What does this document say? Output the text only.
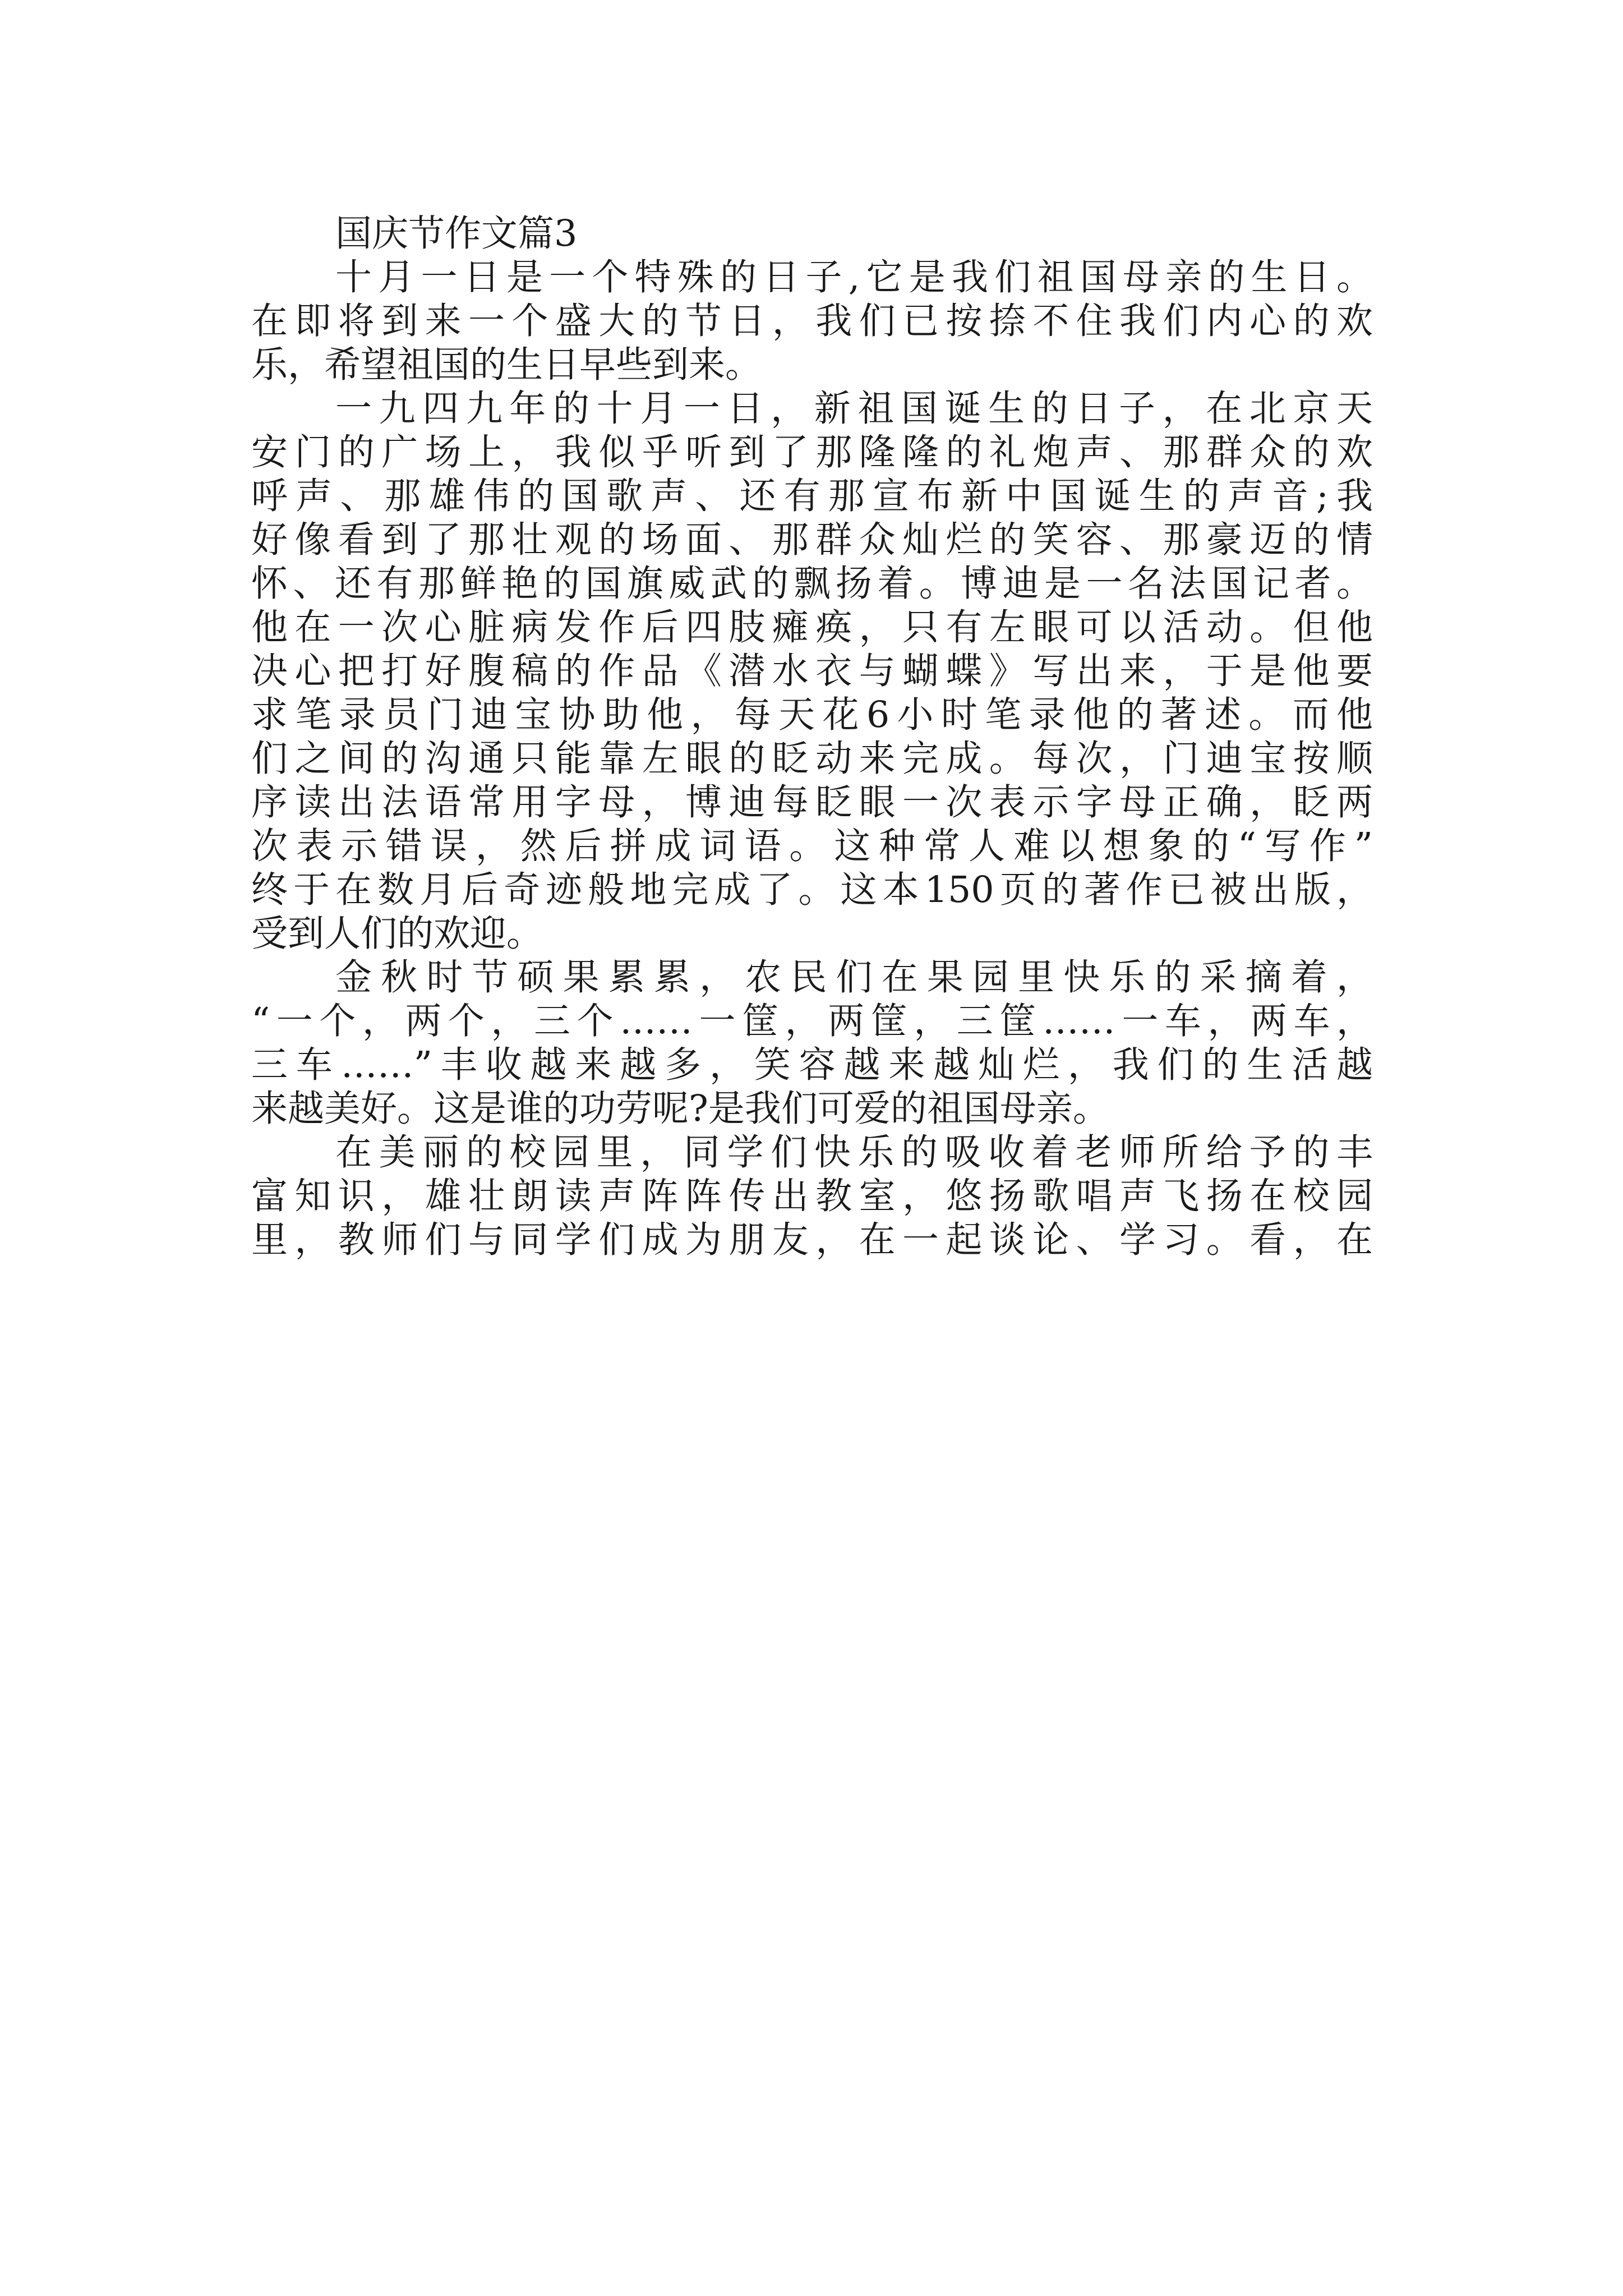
国庆节作文篇3
十月一日是一个特殊的日子,它是我们祖国母亲的生日。
在即将到来一个盛大的节日，我们已按捺不住我们内心的欢
乐，希望祖国的生日早些到来。
一九四九年的十月一日，新祖国诞生的日子，在北京天
安门的广场上，我似乎听到了那隆隆的礼炮声、那群众的欢
呼声、那雄伟的国歌声、还有那宣布新中国诞生的声音;我
好像看到了那壮观的场面、那群众灿烂的笑容、那豪迈的情
怀、还有那鲜艳的国旗威武的飘扬着。博迪是一名法国记者。
他在一次心脏病发作后四肢瘫痪，只有左眼可以活动。但他
决心把打好腹稿的作品《潜水衣与蝴蝶》写出来，于是他要
求笔录员门迪宝协助他，每天花6小时笔录他的著述。而他
们之间的沟通只能靠左眼的眨动来完成。每次，门迪宝按顺
序读出法语常用字母，博迪每眨眼一次表示字母正确，眨两
次表示错误，然后拼成词语。这种常人难以想象的“写作”
终于在数月后奇迹般地完成了。这本150页的著作已被出版，
受到人们的欢迎。
金秋时节硕果累累，农民们在果园里快乐的采摘着，
“一个，两个，三个……一筐，两筐，三筐……一车，两车，
三车……”丰收越来越多，笑容越来越灿烂，我们的生活越
来越美好。这是谁的功劳呢?是我们可爱的祖国母亲。
在美丽的校园里，同学们快乐的吸收着老师所给予的丰
富知识，雄壮朗读声阵阵传出教室，悠扬歌唱声飞扬在校园
里，教师们与同学们成为朋友，在一起谈论、学习。看，在
